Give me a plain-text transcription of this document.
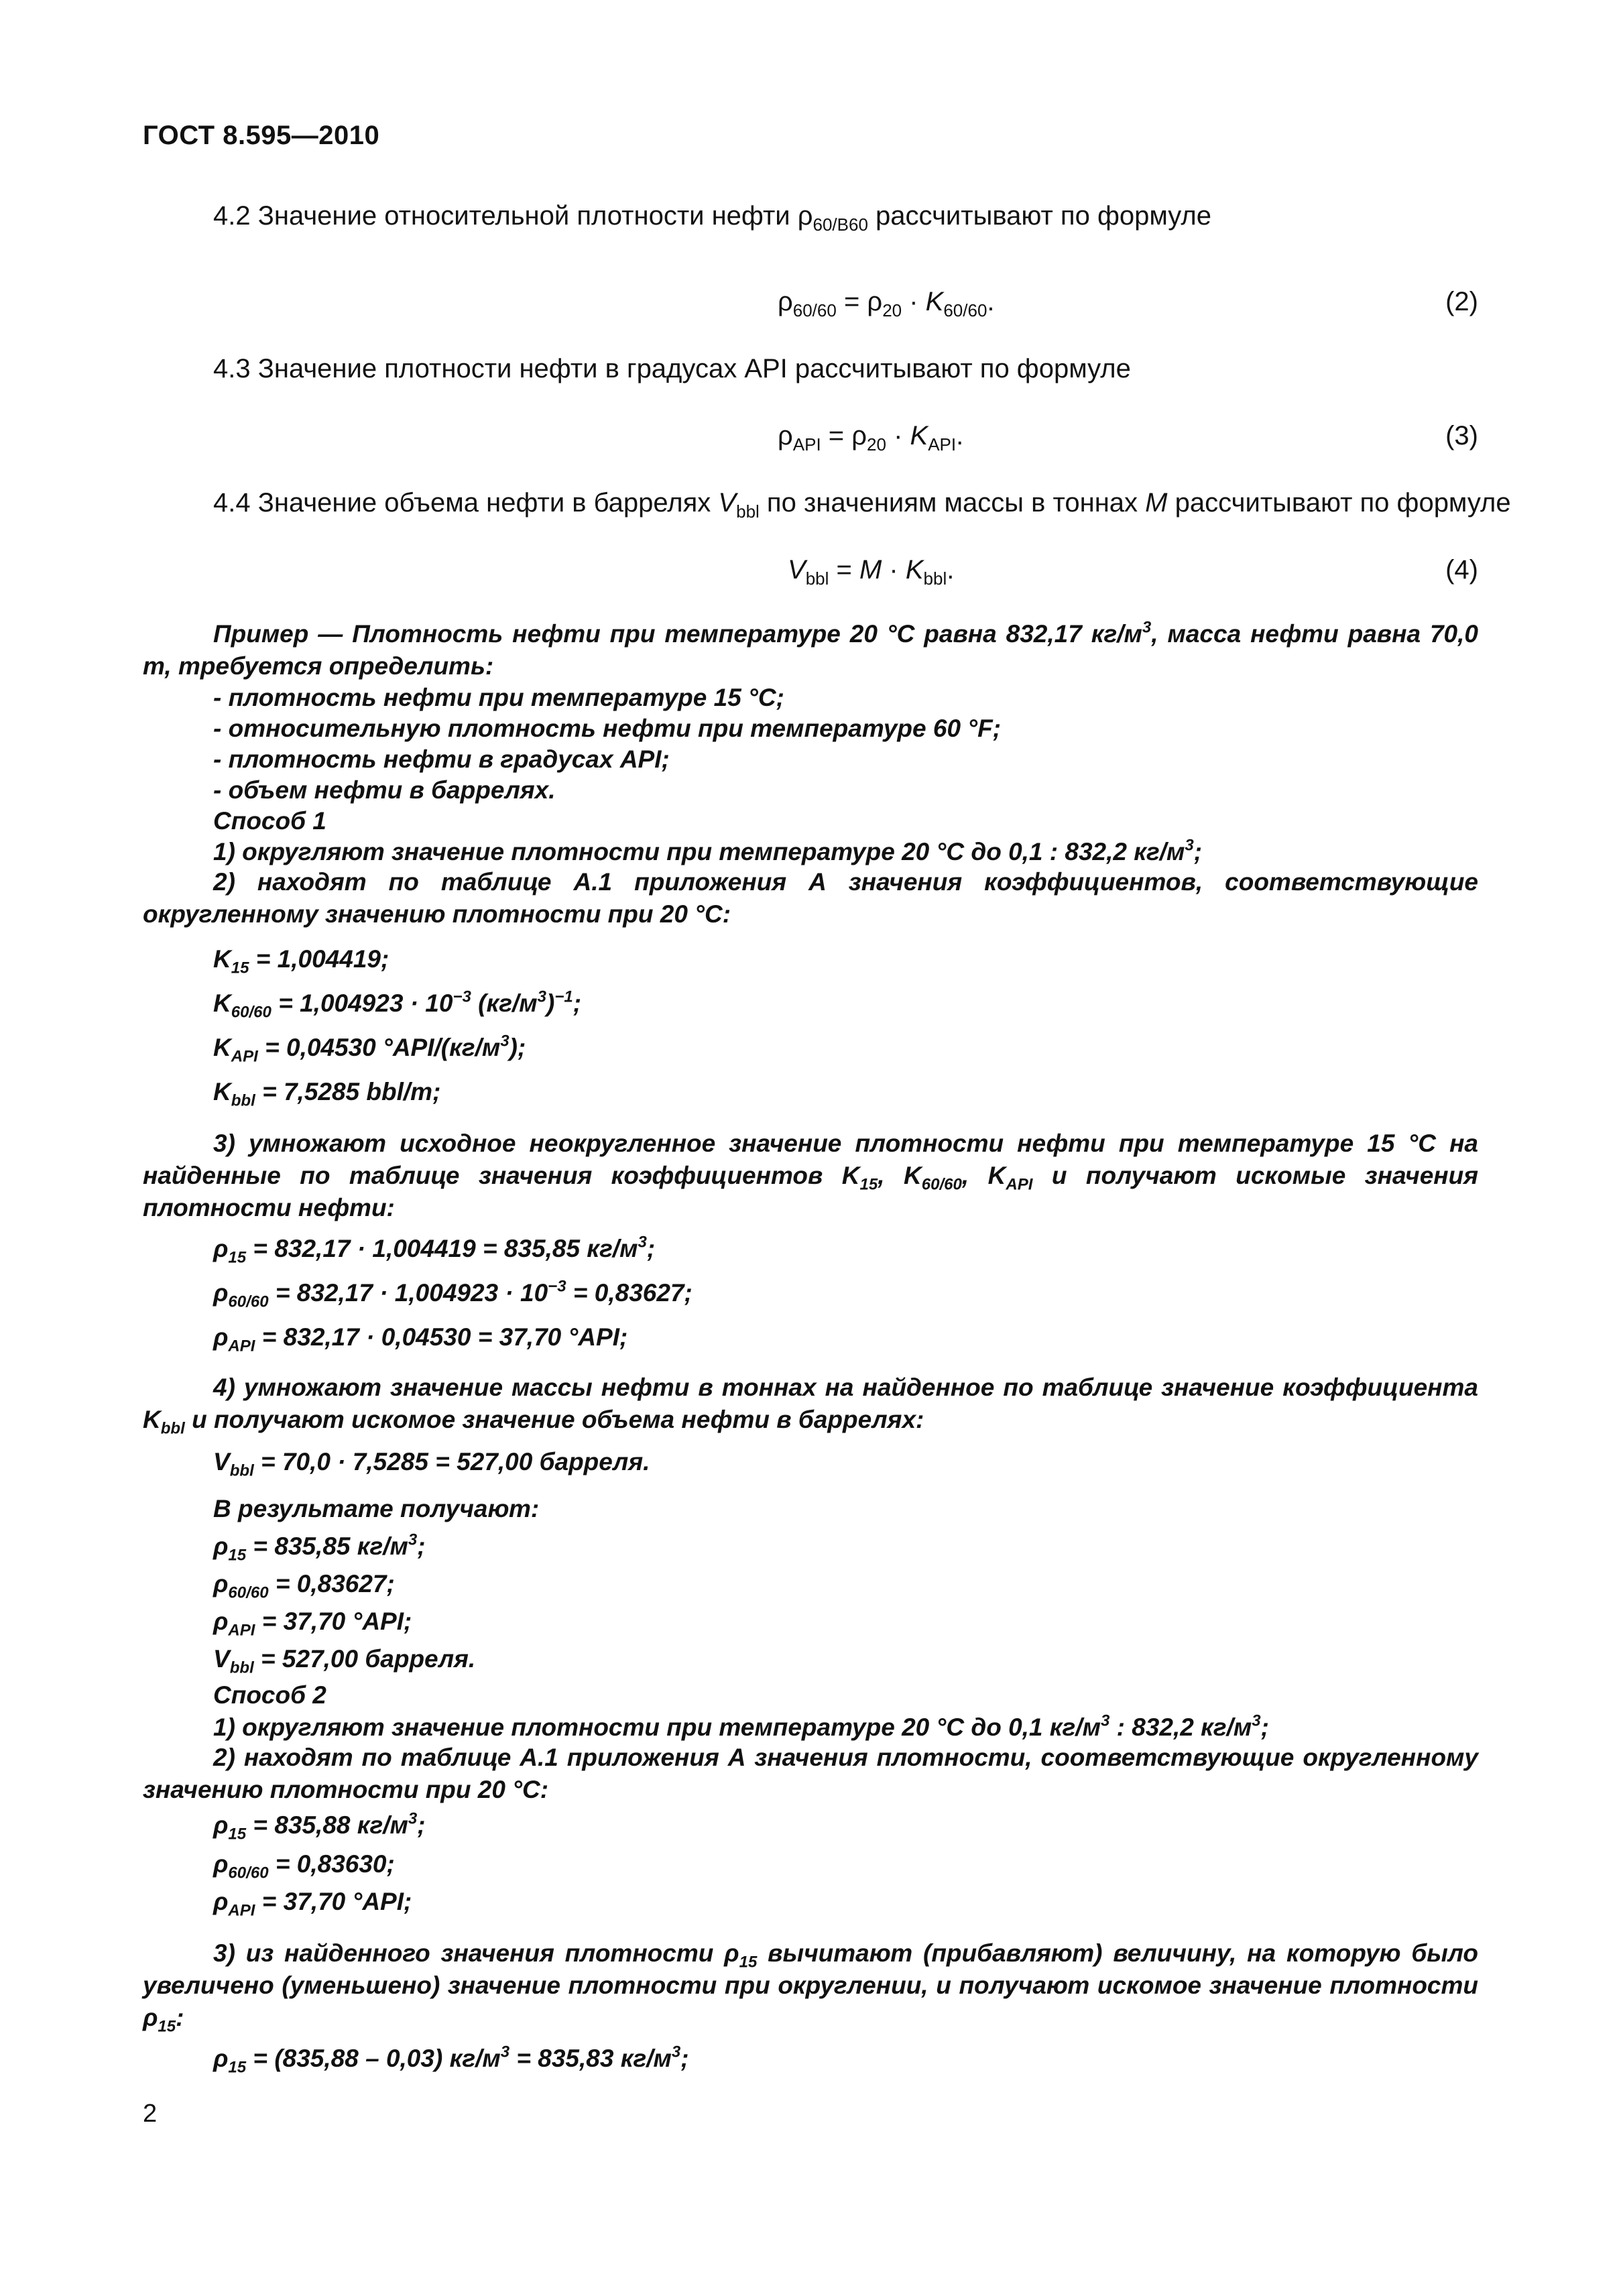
ГОСТ 8.595—2010
4.2 Значение относительной плотности нефти $\rho_{60/В60}$ рассчитывают по формуле
$\rho_{60/60} = \rho_{20} \cdot K_{60/60}$.	(2)
4.3 Значение плотности нефти в градусах API рассчитывают по формуле
$\rho_{API} = \rho_{20} \cdot K_{API}$.	(3)
4.4 Значение объема нефти в баррелях $V_{bbl}$ по значениям массы в тоннах M рассчитывают по формуле
$V_{bbl} = M \cdot K_{bbl}$.	(4)
Пример — Плотность нефти при температуре 20 °С равна 832,17 $кг/м^3$, масса нефти равна 70,0 т, требуется определить:
- плотность нефти при температуре 15 °С;
- относительную плотность нефти при температуре 60 °F;
- плотность нефти в градусах API;
- объем нефти в баррелях.
Способ 1
1) округляют значение плотности при температуре 20 °С до 0,1 : 832,2 $кг/м^3$;
2) находят по таблице А.1 приложения А значения коэффициентов, соответствующие округленному значению плотности при 20 °С:
$K_{15} = 1,004419$;
$K_{60/60} = 1,004923 \cdot 10^{-3}$ $(кг/м^3)^{-1}$;
$K_{API} = 0,04530$ $^\circ API/(кг/м^3)$;
$K_{bbl} = 7,5285$ bbl/т;
3) умножают исходное неокругленное значение плотности нефти при температуре 15 °С на найденные по таблице значения коэффициентов $K_{15}$, $K_{60/60}$, $K_{API}$ и получают искомые значения плотности нефти:
$\rho_{15} = 832,17 \cdot 1,004419 = 835,85$ $кг/м^3$;
$\rho_{60/60} = 832,17 \cdot 1,004923 \cdot 10^{-3} = 0,83627$;
$\rho_{API} = 832,17 \cdot 0,04530 = 37,70$ °API;
4) умножают значение массы нефти в тоннах на найденное по таблице значение коэффициента $K_{bbl}$ и получают искомое значение объема нефти в баррелях:
$V_{bbl} = 70,0 \cdot 7,5285 = 527,00$ барреля.
В результате получают:
$\rho_{15} = 835,85$ $кг/м^3$;
$\rho_{60/60} = 0,83627$;
$\rho_{API} = 37,70$ °API;
$V_{bbl} = 527,00$ барреля.
Способ 2
1) округляют значение плотности при температуре 20 °С до 0,1 $кг/м^3$ : 832,2 $кг/м^3$;
2) находят по таблице А.1 приложения А значения плотности, соответствующие округленному значению плотности при 20 °С:
$\rho_{15} = 835,88$ $кг/м^3$;
$\rho_{60/60} = 0,83630$;
$\rho_{API} = 37,70$ °API;
3) из найденного значения плотности $\rho_{15}$ вычитают (прибавляют) величину, на которую было увеличено (уменьшено) значение плотности при округлении, и получают искомое значение плотности $\rho_{15}$:
$\rho_{15} = (835,88 - 0,03) кг/м^3 = 835,83$ $кг/м^3$;
2
